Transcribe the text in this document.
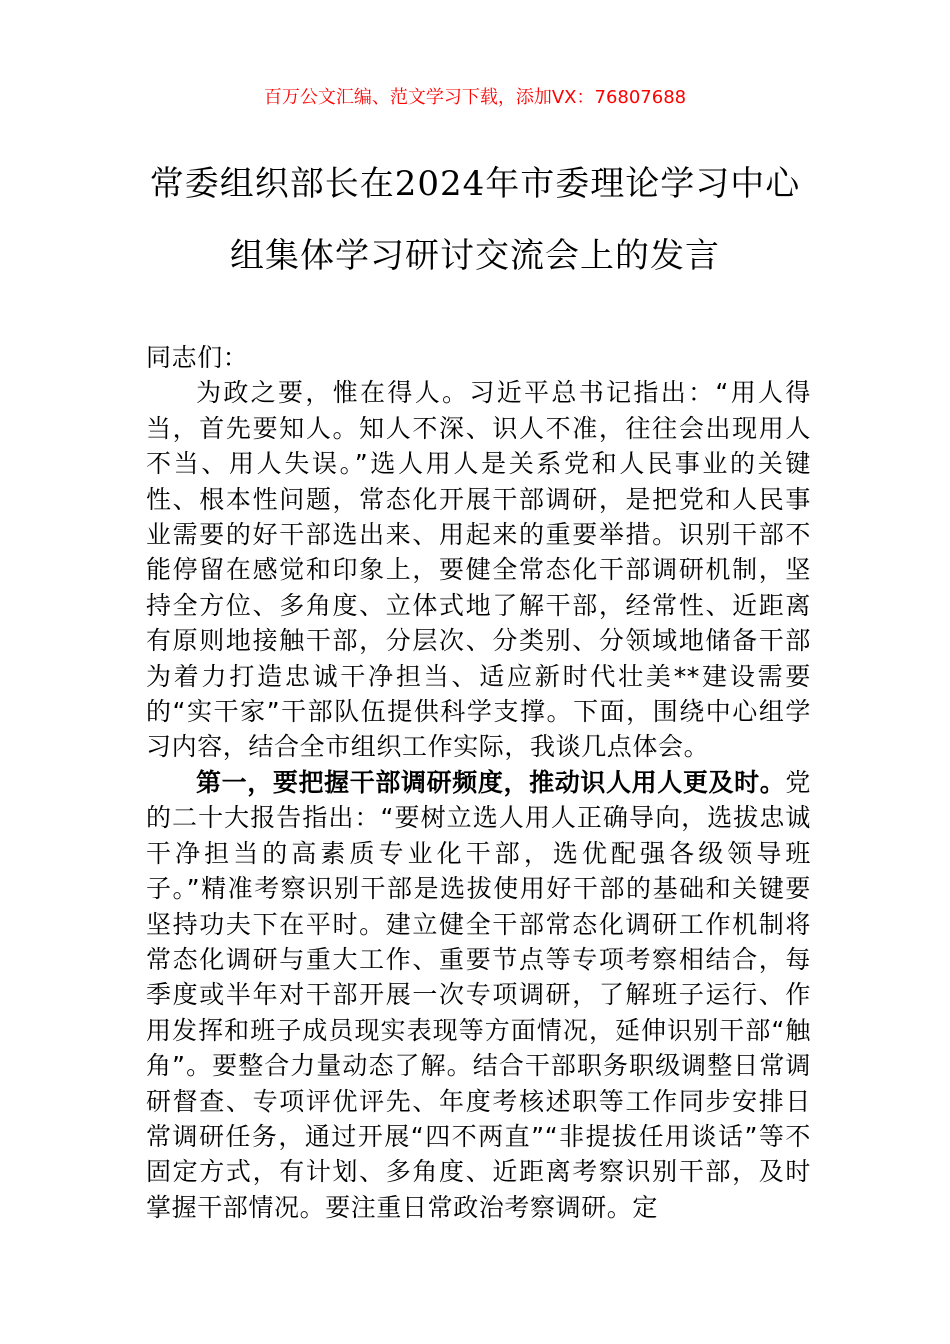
百万公文汇编、范文学习下载，添加VX：76807688
常委组织部长在2024年市委理论学习中心
组集体学习研讨交流会上的发言

同志们：

为政之要，惟在得人。习近平总书记指出：“用人得当，首先要知人。知人不深、识人不准，往往会出现用人不当、用人失误。”选人用人是关系党和人民事业的关键性、根本性问题，常态化开展干部调研，是把党和人民事业需要的好干部选出来、用起来的重要举措。识别干部不能停留在感觉和印象上，要健全常态化干部调研机制，坚持全方位、多角度、立体式地了解干部，经常性、近距离有原则地接触干部，分层次、分类别、分领域地储备干部为着力打造忠诚干净担当、适应新时代壮美**建设需要的“实干家”干部队伍提供科学支撑。下面，围绕中心组学习内容，结合全市组织工作实际，我谈几点体会。

第一，要把握干部调研频度，推动识人用人更及时。党的二十大报告指出：“要树立选人用人正确导向，选拔忠诚干净担当的高素质专业化干部，选优配强各级领导班子。”精准考察识别干部是选拔使用好干部的基础和关键要坚持功夫下在平时。建立健全干部常态化调研工作机制将常态化调研与重大工作、重要节点等专项考察相结合，每季度或半年对干部开展一次专项调研，了解班子运行、作用发挥和班子成员现实表现等方面情况，延伸识别干部“触角”。要整合力量动态了解。结合干部职务职级调整日常调研督查、专项评优评先、年度考核述职等工作同步安排日常调研任务，通过开展“四不两直”“非提拔任用谈话”等不固定方式，有计划、多角度、近距离考察识别干部，及时掌握干部情况。要注重日常政治考察调研。定
